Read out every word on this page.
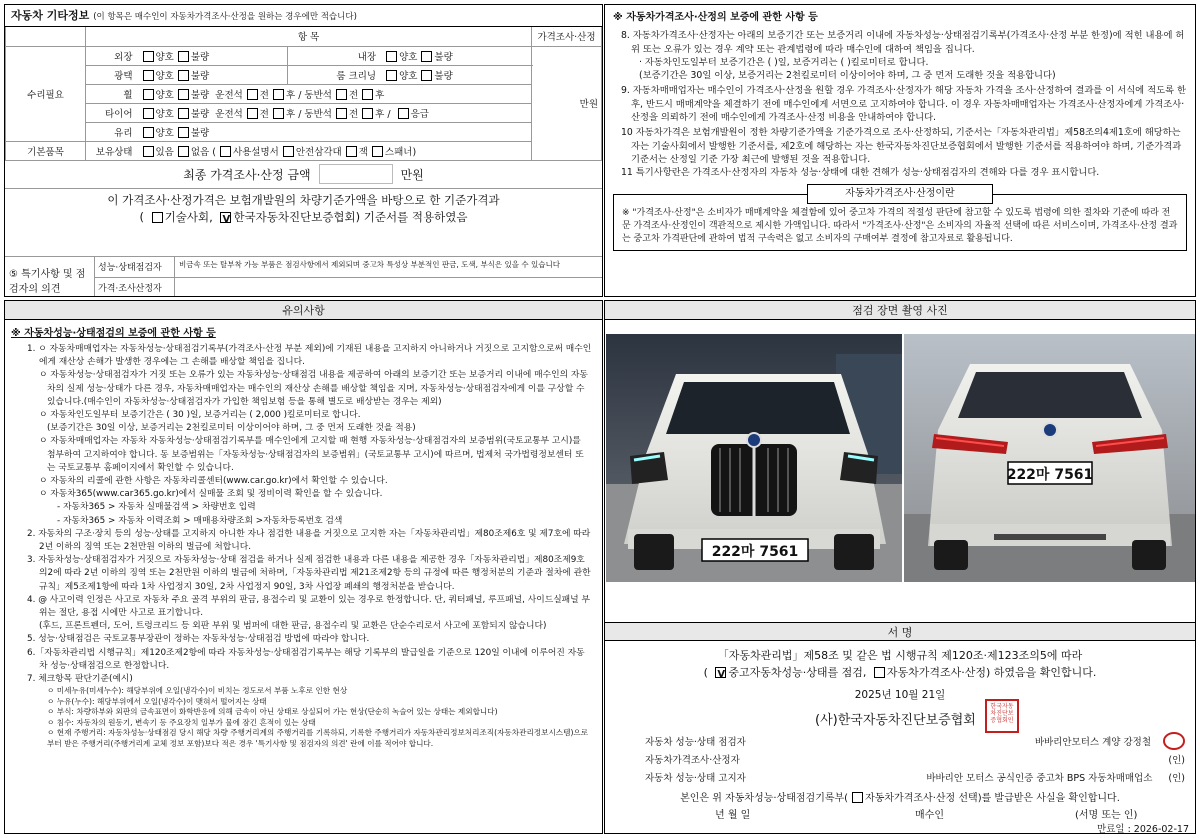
자동차 기타정보 (이 항목은 매수인이 자동차가격조사·산정을 원하는 경우에만 적습니다)
	항 목				가격조사·산정
수리필요	외장	양호 불량	내장	양호 불량	만원
	광택	양호 불량	룸 크리닝	양호 불량	
	휠	양호 불량 운전석 전 후 / 동반석 전 후			
	타이어	양호 불량 운전석 전 후 / 동반석 전 후 / 응급			
	유리	양호 불량			
기본품목	보유상태	있음 없음 ( 사용설명서 안전삼각대 잭 스패너)			
최종 가격조사·산정 금액	만원
이 가격조사·산정가격은 보험개발원의 차량기준가액을 바탕으로 한 기준가격과
( 기술사회, V 한국자동차진단보증협회) 기준서를 적용하였음
⑤ 특기사항 및 점검자의 의견
성능·상태점검자	비금속 또는 탈부착 가능 부품은 점검사항에서 제외되며 중고차 특성상 부분적인 판금, 도색, 부식은 있을 수 있습니다
가격·조사산정자
※ 자동차가격조사·산정의 보증에 관한 사항 등
8. 자동차가격조사·산정자는 아래의 보증기간 또는 보증거리 이내에 자동차성능·상태점검기록부(가격조사·산정 부분 한정)에 적힌 내용에 허위 또는 오류가 있는 경우 계약 또는 관계법령에 따라 매수인에 대하여 책임을 집니다.
· 자동차인도일부터 보증기간은 ( )일, 보증거리는 ( )킬로미터로 합니다.
(보증기간은 30일 이상, 보증거리는 2천킬로미터 이상이어야 하며, 그 중 먼저 도래한 것을 적용합니다)
9. 자동차매매업자는 매수인이 가격조사·산정을 원할 경우 가격조사·산정자가 해당 자동차 가격을 조사·산정하여 결과를 이 서식에 적도록 한 후, 반드시 매매계약을 체결하기 전에 매수인에게 서면으로 고지하여야 합니다. 이 경우 자동차매매업자는 가격조사·산정자에게 가격조사·산정을 의뢰하기 전에 매수인에게 가격조사·산정 비용을 안내하여야 합니다.
10 자동차가격은 보험개발원이 정한 차량기준가액을 기준가격으로 조사·산정하되, 기준서는「자동차관리법」제58조의4제1호에 해당하는 자는 기술사회에서 발행한 기준서를, 제2호에 해당하는 자는 한국자동차진단보증협회에서 발행한 기준서를 적용하여야 하며, 기준가격과 기준서는 산정일 기준 가장 최근에 발행된 것을 적용합니다.
11 특기사항란은 가격조사·산정자의 자동차 성능·상태에 대한 견해가 성능·상태점검자의 견해와 다를 경우 표시합니다.
자동차가격조사·산정이란
※ "가격조사·산정"은 소비자가 매매계약을 체결함에 있어 중고차 가격의 적절성 판단에 참고할 수 있도록 법령에 의한 절차와 기준에 따라 전문 가격조사·산정인이 객관적으로 제시한 가액입니다. 따라서 "가격조사·산정"은 소비자의 자율적 선택에 따른 서비스이며, 가격조사·산정 결과는 중고차 가격판단에 관하여 법적 구속력은 없고 소비자의 구매여부 결정에 참고자료로 활용됩니다.
유의사항
※ 자동차성능·상태점검의 보증에 관한 사항 등
1. ㅇ 자동차매매업자는 자동차성능·상태점검기록부(가격조사·산정 부분 제외)에 기재된 내용을 고지하지 아니하거나 거짓으로 고지함으로써 매수인에게 재산상 손해가 발생한 경우에는 그 손해를 배상할 책임을 집니다.
ㅇ 자동차성능·상태점검자가 거짓 또는 오류가 있는 자동차성능·상태점검 내용을 제공하여 아래의 보증기간 또는 보증거리 이내에 매수인의 자동차의 실제 성능·상태가 다른 경우, 자동차매매업자는 매수인의 재산상 손해를 배상할 책임을 지며, 자동차성능·상태점검자에게 이를 구상할 수 있습니다.(매수인이 자동차성능·상태점검자가 가입한 책임보험 등을 통해 별도로 배상받는 경우는 제외)
ㅇ 자동차인도일부터 보증기간은 ( 30 )일, 보증거리는 ( 2,000 )킬로미터로 합니다.
(보증기간은 30일 이상, 보증거리는 2천킬로미터 이상이어야 하며, 그 중 먼저 도래한 것을 적용)
ㅇ 자동차매매업자는 자동차 자동차성능·상태점검기록부를 매수인에게 고지할 때 현행 자동차성능·상태점검자의 보증범위(국토교통부 고시)를 첨부하여 고지하여야 합니다. 동 보증범위는「자동차성능·상태점검자의 보증범위」(국토교통부 고시)에 따르며, 법제처 국가법령정보센터 또는 국토교통부 홈페이지에서 확인할 수 있습니다.
ㅇ 자동차의 리콜에 관한 사항은 자동차리콜센터(www.car.go.kr)에서 확인할 수 있습니다.
ㅇ 자동차365(www.car365.go.kr)에서 실매물 조회 및 정비이력 확인을 할 수 있습니다.
- 자동차365 > 자동차 실매물검색 > 차량번호 입력
- 자동차365 > 자동차 이력조회 > 매매용차량조회 >자동차등록번호 검색
2. 자동차의 구조·장치 등의 성능·상태를 고지하지 아니한 자나 점검한 내용을 거짓으로 고지한 자는「자동차관리법」제80조제6호 및 제7호에 따라 2년 이하의 징역 또는 2천만원 이하의 벌금에 처합니다.
3. 자동차성능·상태점검자가 거짓으로 자동차성능·상태 점검을 하거나 실제 점검한 내용과 다른 내용을 제공한 경우「자동차관리법」제80조제9호의2에 따라 2년 이하의 징역 또는 2천만원 이하의 벌금에 처하며,「자동차관리법 제21조제2항 등의 규정에 따른 행정처분의 기준과 절차에 관한 규칙」제5조제1항에 따라 1차 사업정지 30일, 2차 사업정지 90일, 3차 사업장 폐쇄의 행정처분을 받습니다.
4. @ 사고이력 인정은 사고로 자동차 주요 골격 부위의 판금, 용접수리 및 교환이 있는 경우로 한정합니다. 단, 쿼터패널, 루프패널, 사이드실패널 부위는 절단, 용접 시에만 사고로 표기합니다.
(후드, 프론트펜더, 도어, 트렁크리드 등 외판 부위 및 범퍼에 대한 판금, 용접수리 및 교환은 단순수리로서 사고에 포함되지 않습니다)
5. 성능·상태점검은 국토교통부장관이 정하는 자동차성능·상태점검 방법에 따라야 합니다.
6.「자동차관리법 시행규칙」제120조제2항에 따라 자동차성능·상태점검기록부는 해당 기록부의 발급일을 기준으로 120일 이내에 이루어진 자동차 성능·상태점검으로 한정합니다.
7. 체크항목 판단기준(예시)
ㅇ 미세누유(미세누수): 해당부위에 오일(냉각수)이 비치는 정도로서 부품 노후로 인한 현상
ㅇ 누유(누수): 해당부위에서 오일(냉각수)이 맺혀서 떨어지는 상태
ㅇ 부식: 차량하부와 외판의 금속표면이 화학반응에 의해 금속이 아닌 상태로 상실되어 가는 현상(단순히 녹슬어 있는 상태는 제외합니다)
ㅇ 침수: 자동차의 원동기, 변속기 등 주요장치 일부가 물에 잠긴 흔적이 있는 상태
ㅇ 현재 주행거리: 자동차성능·상태점검 당시 해당 차량 주행거리계의 주행거리를 기록하되, 기록한 주행거리가 자동차관리정보처리조직(자동차관리정보시스템)으로부터 받은 주행거리(주행거리계 교체 정보 포함)보다 적은 경우 '특기사항 및 점검자의 의견' 란에 이를 적어야 합니다.
점검 장면 촬영 사진
222마 7561
222마 7561
서 명
「자동차관리법」제58조 및 같은 법 시행규칙 제120조·제123조의5에 따라
( V중고자동차성능·상태를 점검, 자동차가격조사·산정) 하였음을 확인합니다.
2025년 10월 21일
(사)한국자동차진단보증협회
한국자동차진단보증협회인
자동차 성능·상태 점검자	바바리안모터스 계양 강정철
자동차가격조사·산정자	(인)
자동차 성능·상태 고지자	바바리안 모터스 공식인증 중고차 BPS 자동차매매업소 (인)
본인은 위 자동차성능·상태점검기록부( 자동차가격조사·산정 선택)를 발급받은 사실을 확인합니다.
년 월 일	매수인	(서명 또는 인)
만료일 : 2026-02-17
